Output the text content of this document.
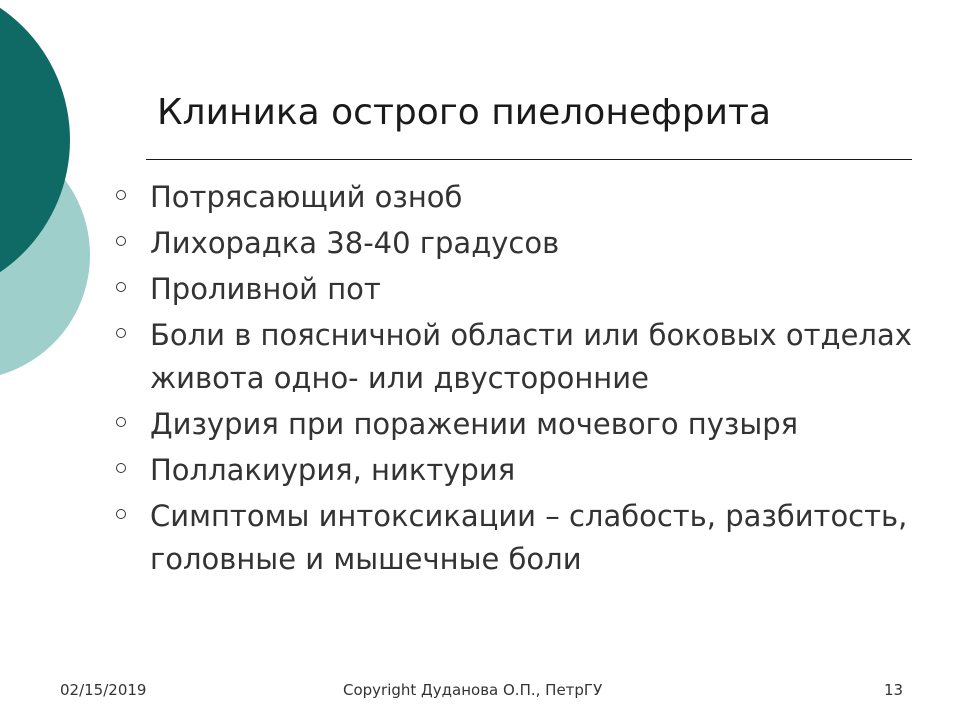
Клиника острого пиелонефрита
Потрясающий озноб
Лихорадка 38-40 градусов
Проливной пот
Боли в поясничной области или боковых отделах живота одно- или двусторонние
Дизурия при поражении мочевого пузыря
Поллакиурия, никтурия
Симптомы интоксикации – слабость, разбитость, головные и мышечные боли
02/15/2019	Copyright Дуданова О.П., ПетрГУ	13
